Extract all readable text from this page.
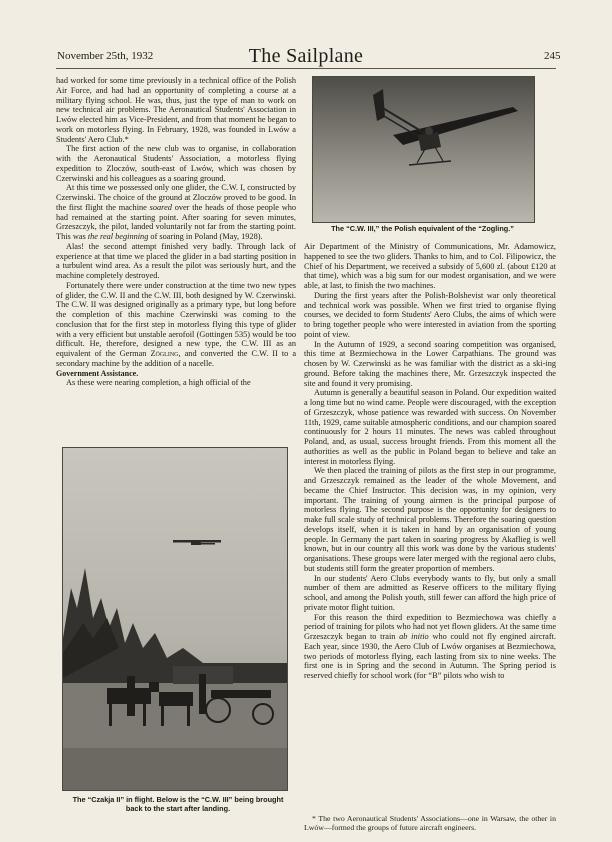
November 25th, 1932	The Sailplane	245

had worked for some time previously in a technical office of the Polish Air Force, and had had an opportunity of completing a course at a military flying school. He was, thus, just the type of man to work on new technical air problems. The Aeronautical Students' Association in Lwów elected him as Vice-President, and from that moment he began to work on motorless flying. In February, 1928, was founded in Lwów a Students' Aero Club.*

The first action of the new club was to organise, in collaboration with the Aeronautical Students' Association, a motorless flying expedition to Zloczów, south-east of Lwów, which was chosen by Czerwinski and his colleagues as a soaring ground.

At this time we possessed only one glider, the C.W. I, constructed by Czerwinski. The choice of the ground at Zloczów proved to be good. In the first flight the machine soared over the heads of those people who had remained at the starting point. After soaring for seven minutes, Grzeszczyk, the pilot, landed voluntarily not far from the starting point. This was the real beginning of soaring in Poland (May, 1928).

Alas! the second attempt finished very badly. Through lack of experience at that time we placed the glider in a bad starting position in a turbulent wind area. As a result the pilot was seriously hurt, and the machine completely destroyed.

Fortunately there were under construction at the time two new types of glider, the C.W. II and the C.W. III, both designed by W. Czerwinski. The C.W. II was designed originally as a primary type, but long before the completion of this machine Czerwinski was coming to the conclusion that for the first step in motorless flying this type of glider with a very efficient but unstable aerofoil (Gottingen 535) would be too difficult. He, therefore, designed a new type, the C.W. III as an equivalent of the German Zögling, and converted the C.W. II to a secondary machine by the addition of a nacelle.

Government Assistance.

As these were nearing completion, a high official of the

The “C.W. III,” the Polish equivalent of the “Zogling.”
The “Czakja II” in flight. Below is the “C.W. III” being brought
back to the start after landing.

Air Department of the Ministry of Communications, Mr. Adamowicz, happened to see the two gliders. Thanks to him, and to Col. Filipowicz, the Chief of his Department, we received a subsidy of 5,600 zl. (about £120 at that time), which was a big sum for our modest organisation, and we were able, at last, to finish the two machines.

During the first years after the Polish-Bolshevist war only theoretical and technical work was possible. When we first tried to organise flying courses, we decided to form Students' Aero Clubs, the aims of which were to bring together people who were interested in aviation from the sporting point of view.

In the Autumn of 1929, a second soaring competition was organised, this time at Bezmiechowa in the Lower Carpathians. The ground was chosen by W. Czerwinski as he was familiar with the district as a ski-ing ground. Before taking the machines there, Mr. Grzeszczyk inspected the site and found it very promising.

Autumn is generally a beautiful season in Poland. Our expedition waited a long time but no wind came. People were discouraged, with the exception of Grzeszczyk, whose patience was rewarded with success. On November 11th, 1929, came suitable atmospheric conditions, and our champion soared continuously for 2 hours 11 minutes. The news was cabled throughout Poland, and, as usual, success brought friends. From this moment all the authorities as well as the public in Poland began to believe and take an interest in motorless flying.

We then placed the training of pilots as the first step in our programme, and Grzeszczyk remained as the leader of the whole Movement, and became the Chief Instructor. This decision was, in my opinion, very important. The training of young airmen is the principal purpose of motorless flying. The second purpose is the opportunity for designers to make full scale study of technical problems. Therefore the soaring question develops itself, when it is taken in hand by an organisation of young people. In Germany the part taken in soaring progress by Akaflieg is well known, but in our country all this work was done by the various students' organisations. These groups were later merged with the regional aero clubs, but students still form the greater proportion of members.

In our students' Aero Clubs everybody wants to fly, but only a small number of them are admitted as Reserve officers to the military flying school, and among the Polish youth, still fewer can afford the high price of private motor flight tuition.

For this reason the third expedition to Bezmiechowa was chiefly a period of training for pilots who had not yet flown gliders. At the same time Grzeszczyk began to train ab initio who could not fly engined aircraft. Each year, since 1930, the Aero Club of Lwów organises at Bezmiechowa, two periods of motorless flying, each lasting from six to nine weeks. The first one is in Spring and the second in Autumn. The Spring period is reserved chiefly for school work (for “B” pilots who wish to

* The two Aeronautical Students' Associations—one in Warsaw, the other in Lwów—formed the groups of future aircraft engineers.
